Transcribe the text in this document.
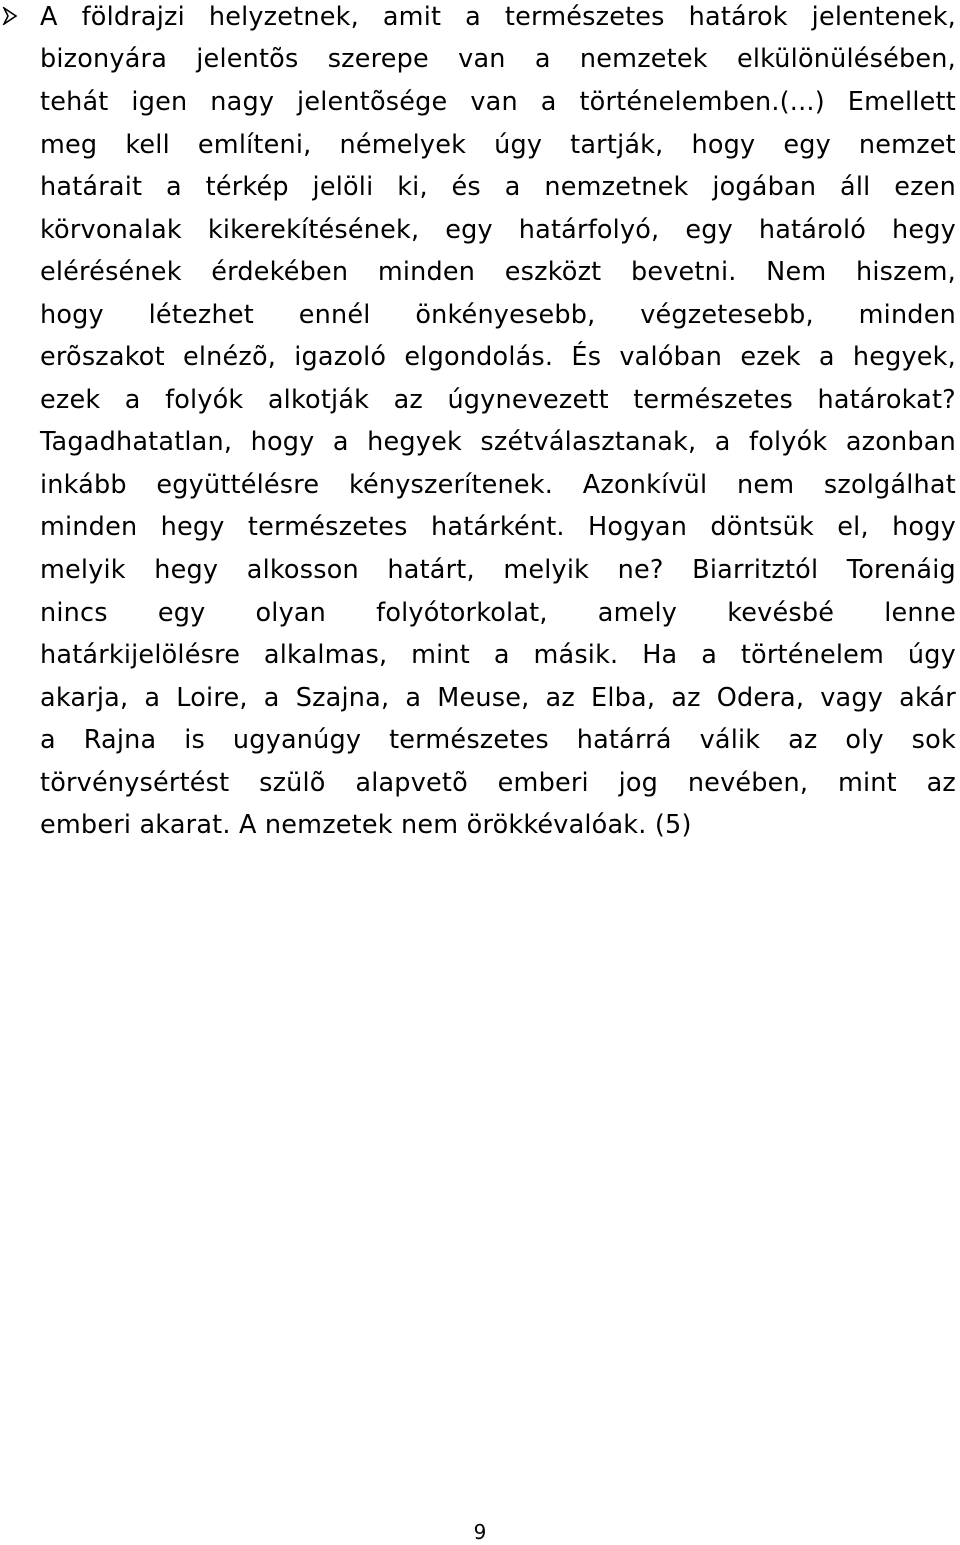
A földrajzi helyzetnek, amit a természetes határok jelentenek,
bizonyára jelentõs szerepe van a nemzetek elkülönülésében,
tehát igen nagy jelentõsége van a történelemben.(...) Emellett
meg kell említeni, némelyek úgy tartják, hogy egy nemzet
határait a térkép jelöli ki, és a nemzetnek jogában áll ezen
körvonalak kikerekítésének, egy határfolyó, egy határoló hegy
elérésének érdekében minden eszközt bevetni. Nem hiszem,
hogy létezhet ennél önkényesebb, végzetesebb, minden
erõszakot elnézõ, igazoló elgondolás. És valóban ezek a hegyek,
ezek a folyók alkotják az úgynevezett természetes határokat?
Tagadhatatlan, hogy a hegyek szétválasztanak, a folyók azonban
inkább együttélésre kényszerítenek. Azonkívül nem szolgálhat
minden hegy természetes határként. Hogyan döntsük el, hogy
melyik hegy alkosson határt, melyik ne? Biarritztól Torenáig
nincs egy olyan folyótorkolat, amely kevésbé lenne
határkijelölésre alkalmas, mint a másik. Ha a történelem úgy
akarja, a Loire, a Szajna, a Meuse, az Elba, az Odera, vagy akár
a Rajna is ugyanúgy természetes határrá válik az oly sok
törvénysértést szülõ alapvetõ emberi jog nevében, mint az
emberi akarat. A nemzetek nem örökkévalóak. (5)
9
